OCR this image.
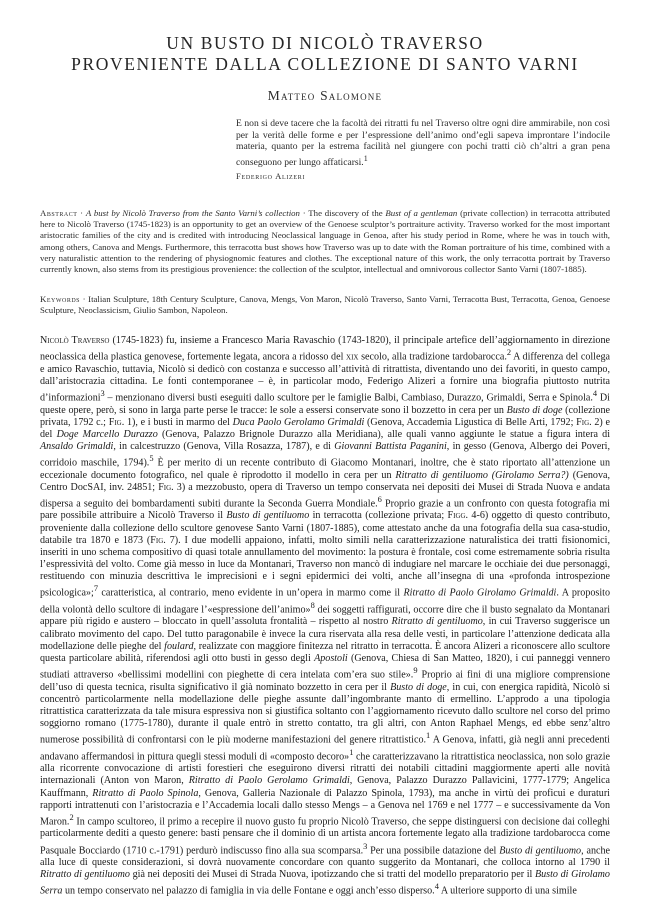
UN BUSTO DI NICOLÒ TRAVERSO
PROVENIENTE DALLA COLLEZIONE DI SANTO VARNI
Matteo Salomone
E non si deve tacere che la facoltà dei ritratti fu nel Traverso oltre ogni dire ammirabile, non così per la verità delle forme e per l’espressione dell’animo ond’egli sapeva improntare l’indocile materia, quanto per la estrema facilità nel giungere con pochi tratti ciò ch’altri a gran pena conseguono per lungo affaticarsi.$^1$
Federigo Alizeri
Abstract · A bust by Nicolò Traverso from the Santo Varni’s collection · The discovery of the Bust of a gentleman (private collection) in terracotta attributed here to Nicolò Traverso (1745-1823) is an opportunity to get an overview of the Genoese sculptor’s portraiture activity. Traverso worked for the most important aristocratic families of the city and is credited with introducing Neoclassical language in Genoa, after his study period in Rome, where he was in touch with, among others, Canova and Mengs. Furthermore, this terracotta bust shows how Traverso was up to date with the Roman portraiture of his time, combined with a very naturalistic attention to the rendering of physiognomic features and clothes. The exceptional nature of this work, the only terracotta portrait by Traverso currently known, also stems from its prestigious provenience: the collection of the sculptor, intellectual and omnivorous collector Santo Varni (1807-1885).
Keywords · Italian Sculpture, 18th Century Sculpture, Canova, Mengs, Von Maron, Nicolò Traverso, Santo Varni, Terracotta Bust, Terracotta, Genoa, Genoese Sculpture, Neoclassicism, Giulio Sambon, Napoleon.
Nicolò Traverso (1745-1823) fu, insieme a Francesco Maria Ravaschio (1743-1820), il principale artefice dell’aggiornamento in direzione neoclassica della plastica genovese, fortemente legata, ancora a ridosso del xix secolo, alla tradizione tardobarocca.$^2$ A differenza del collega e amico Ravaschio, tuttavia, Nicolò si dedicò con costanza e successo all’attività di ritrattista, diventando uno dei favoriti, in questo campo, dall’aristocrazia cittadina. Le fonti contemporanee – è, in particolar modo, Federigo Alizeri a fornire una biografia piuttosto nutrita d’informazioni$^3$ – menzionano diversi busti eseguiti dallo scultore per le famiglie Balbi, Cambiaso, Durazzo, Grimaldi, Serra e Spinola.$^4$ Di queste opere, però, si sono in larga parte perse le tracce: le sole a essersi conservate sono il bozzetto in cera per un Busto di doge (collezione privata, 1792 c.; Fig. 1), e i busti in marmo del Duca Paolo Gerolamo Grimaldi (Genova, Accademia Ligustica di Belle Arti, 1792; Fig. 2) e del Doge Marcello Durazzo (Genova, Palazzo Brignole Durazzo alla Meridiana), alle quali vanno aggiunte le statue a figura intera di Ansaldo Grimaldi, in calcestruzzo (Genova, Villa Rosazza, 1787), e di Giovanni Battista Paganini, in gesso (Genova, Albergo dei Poveri, corridoio maschile, 1794).$^5$ È per merito di un recente contributo di Giacomo Montanari, inoltre, che è stato riportato all’attenzione un eccezionale documento fotografico, nel quale è riprodotto il modello in cera per un Ritratto di gentiluomo (Girolamo Serra?) (Genova, Centro DocSAI, inv. 24851; Fig. 3) a mezzobusto, opera di Traverso un tempo conservata nei depositi dei Musei di Strada Nuova e andata dispersa a seguito dei bombardamenti subiti durante la Seconda Guerra Mondiale.$^6$ Proprio grazie a un confronto con questa fotografia mi pare possibile attribuire a Nicolò Traverso il Busto di gentiluomo in terracotta (collezione privata; Figg. 4-6) oggetto di questo contributo, proveniente dalla collezione dello scultore genovese Santo Varni (1807-1885), come attestato anche da una fotografia della sua casa-studio, databile tra 1870 e 1873 (Fig. 7). I due modelli appaiono, infatti, molto simili nella caratterizzazione naturalistica dei tratti fisionomici, inseriti in uno schema compositivo di quasi totale annullamento del movimento: la postura è frontale, così come estremamente sobria risulta l’espressività del volto. Come già messo in luce da Montanari, Traverso non mancò di indugiare nel marcare le occhiaie dei due personaggi, restituendo con minuzia descrittiva le imprecisioni e i segni epidermici dei volti, anche all’insegna di una «profonda introspezione psicologica»;$^7$ caratteristica, al contrario, meno evidente in un’opera in marmo come il Ritratto di Paolo Girolamo Grimaldi. A proposito della volontà dello scultore di indagare l’«espressione dell’animo»$^8$ dei soggetti raffigurati, occorre dire che il busto segnalato da Montanari appare più rigido e austero – bloccato in quell’assoluta frontalità – rispetto al nostro Ritratto di gentiluomo, in cui Traverso suggerisce un calibrato movimento del capo. Del tutto paragonabile è invece la cura riservata alla resa delle vesti, in particolare l’attenzione dedicata alla modellazione delle pieghe del foulard, realizzate con maggiore finitezza nel ritratto in terracotta. È ancora Alizeri a riconoscere allo scultore questa particolare abilità, riferendosi agli otto busti in gesso degli Apostoli (Genova, Chiesa di San Matteo, 1820), i cui panneggi vennero studiati attraverso «bellissimi modellini con pieghette di cera intelata com’era suo stile».$^9$ Proprio ai fini di una migliore comprensione dell’uso di questa tecnica, risulta significativo il già nominato bozzetto in cera per il Busto di doge, in cui, con energica rapidità, Nicolò si concentrò particolarmente nella modellazione delle pieghe assunte dall’ingombrante manto di ermellino. L’approdo a una tipologia ritrattistica caratterizzata da tale misura espressiva non si giustifica soltanto con l’aggiornamento ricevuto dallo scultore nel corso del primo soggiorno romano (1775-1780), durante il quale entrò in stretto contatto, tra gli altri, con Anton Raphael Mengs, ed ebbe senz’altro numerose possibilità di confrontarsi con le più moderne manifestazioni del genere ritrattistico.$^1$ A Genova, infatti, già negli anni precedenti andavano affermandosi in pittura quegli stessi moduli di «composto decoro»$^1$ che caratterizzavano la ritrattistica neoclassica, non solo grazie alla ricorrente convocazione di artisti forestieri che eseguirono diversi ritratti dei notabili cittadini maggiormente aperti alle novità internazionali (Anton von Maron, Ritratto di Paolo Gerolamo Grimaldi, Genova, Palazzo Durazzo Pallavicini, 1777-1779; Angelica Kauffmann, Ritratto di Paolo Spinola, Genova, Galleria Nazionale di Palazzo Spinola, 1793), ma anche in virtù dei proficui e duraturi rapporti intrattenuti con l’aristocrazia e l’Accademia locali dallo stesso Mengs – a Genova nel 1769 e nel 1777 – e successivamente da Von Maron.$^2$ In campo scultoreo, il primo a recepire il nuovo gusto fu proprio Nicolò Traverso, che seppe distinguersi con decisione dai colleghi particolarmente dediti a questo genere: basti pensare che il dominio di un artista ancora fortemente legato alla tradizione tardobarocca come Pasquale Bocciardo (1710 c.-1791) perdurò indiscusso fino alla sua scomparsa.$^3$ Per una possibile datazione del Busto di gentiluomo, anche alla luce di queste considerazioni, si dovrà nuovamente concordare con quanto suggerito da Montanari, che colloca intorno al 1790 il Ritratto di gentiluomo già nei depositi dei Musei di Strada Nuova, ipotizzando che si tratti del modello preparatorio per il Busto di Girolamo Serra un tempo conservato nel palazzo di famiglia in via delle Fontane e oggi anch’esso disperso.$^4$ A ulteriore supporto di una simile
